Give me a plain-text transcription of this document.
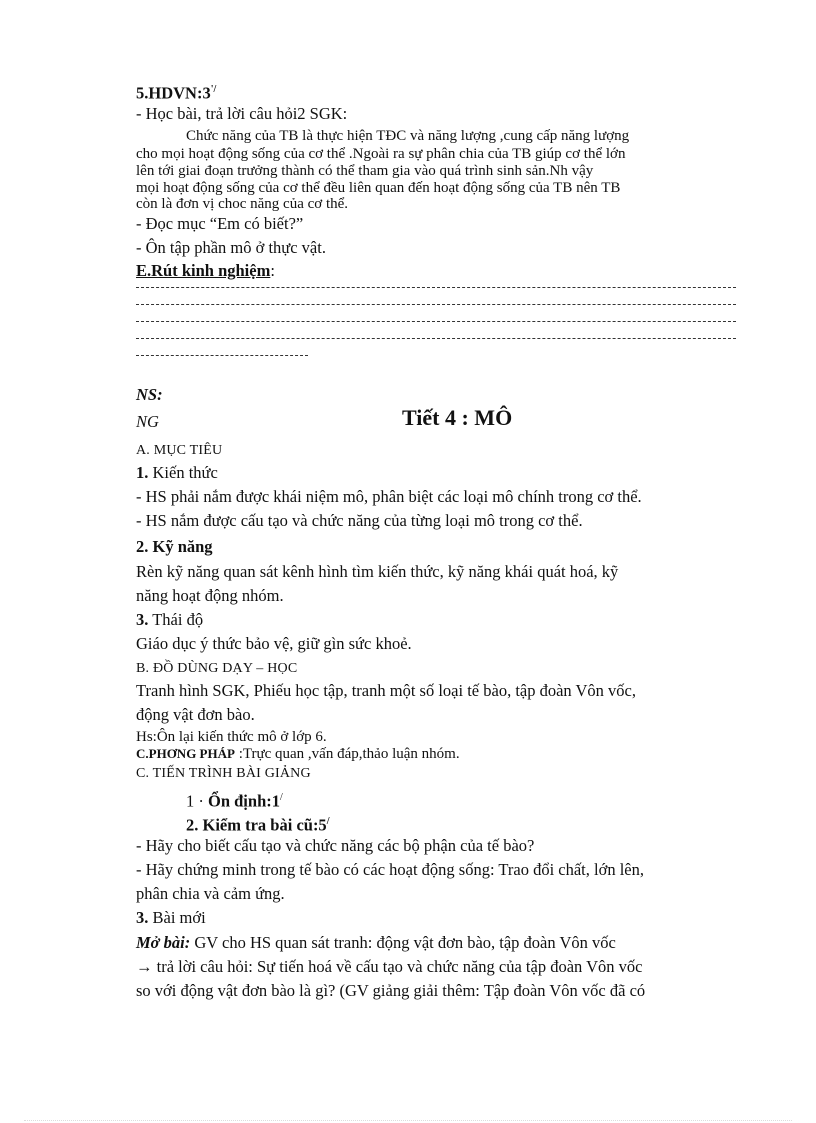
5.HDVN:3'/
- Học bài, trả lời câu hỏi2 SGK:
Chức năng của TB là thực hiện TĐC và năng lượng ,cung cấp năng lượng
cho mọi hoạt động sống của cơ thể .Ngoài ra sự phân chia của TB giúp cơ thể lớn
lên tới giai đoạn trưởng thành có thể tham gia vào quá trình sinh sản.Nh vậy
mọi hoạt động sống của cơ thể đều liên quan đến hoạt động sống của TB nên TB
còn là đơn vị choc năng của cơ thể.
- Đọc mục “Em có biết?”
- Ôn tập phần mô ở thực vật.
E.Rút kinh nghiệm:
NS:
NG	Tiết 4 : MÔ
A. MỤC TIÊU
1. Kiến thức
- HS phải nắm được khái niệm mô, phân biệt các loại mô chính trong cơ thể.
- HS nắm được cấu tạo và chức năng của từng loại mô trong cơ thể.
2. Kỹ năng
Rèn kỹ năng quan sát kênh hình tìm kiến thức, kỹ năng khái quát hoá, kỹ
năng hoạt động nhóm.
3. Thái độ
Giáo dục ý thức bảo vệ, giữ gìn sức khoẻ.
B. ĐỒ DÙNG DẠY – HỌC
Tranh hình SGK, Phiếu học tập, tranh một số loại tế bào, tập đoàn Vôn vốc,
động vật đơn bào.
Hs:Ôn lại kiến thức mô ở lớp 6.
C.PHƠNG PHÁP :Trực quan ,vấn đáp,thảo luận nhóm.
C. TIẾN TRÌNH BÀI GIẢNG
1 · Ổn định:1/
2. Kiểm tra bài cũ:5/
- Hãy cho biết cấu tạo và chức năng các bộ phận của tế bào?
- Hãy chứng minh trong tế bào có các hoạt động sống: Trao đổi chất, lớn lên,
phân chia và cảm ứng.
3. Bài mới
Mở bài: GV cho HS quan sát tranh: động vật đơn bào, tập đoàn Vôn vốc
→ trả lời câu hỏi: Sự tiến hoá về cấu tạo và chức năng của tập đoàn Vôn vốc
so với động vật đơn bào là gì? (GV giảng giải thêm: Tập đoàn Vôn vốc đã có
